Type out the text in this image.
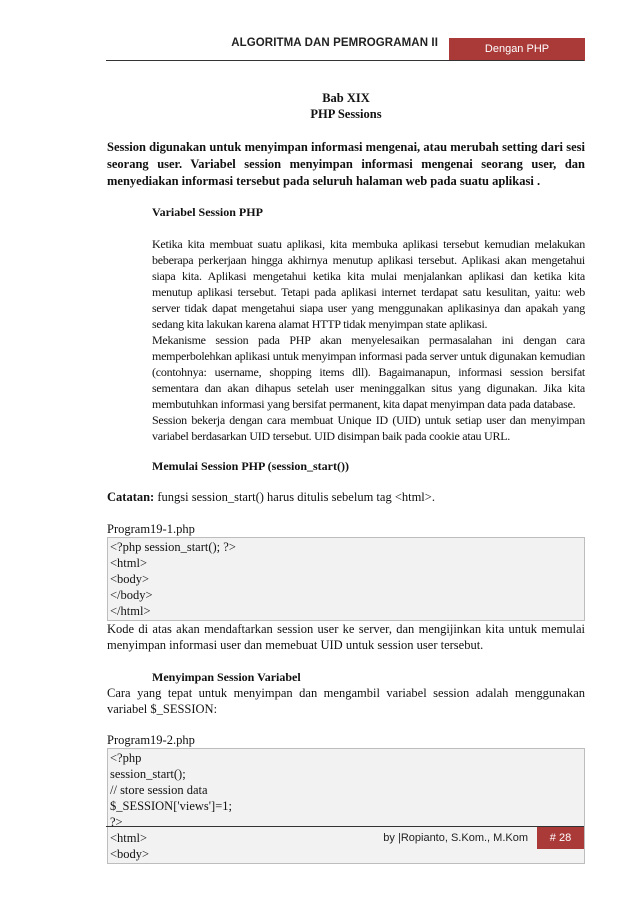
ALGORITMA DAN PEMROGRAMAN II	Dengan PHP
Bab XIX
PHP Sessions
Session digunakan untuk menyimpan informasi mengenai, atau merubah setting dari sesi seorang user. Variabel session menyimpan informasi mengenai seorang user, dan menyediakan informasi tersebut pada seluruh halaman web pada suatu aplikasi .
Variabel Session PHP
Ketika kita membuat suatu aplikasi, kita membuka aplikasi tersebut kemudian melakukan beberapa perkerjaan hingga akhirnya menutup aplikasi tersebut. Aplikasi akan mengetahui siapa kita. Aplikasi mengetahui ketika kita mulai menjalankan aplikasi dan ketika kita menutup aplikasi tersebut. Tetapi pada aplikasi internet terdapat satu kesulitan, yaitu: web server tidak dapat mengetahui siapa user yang menggunakan aplikasinya dan apakah yang sedang kita lakukan karena alamat HTTP tidak menyimpan state aplikasi.
Mekanisme session pada PHP akan menyelesaikan permasalahan ini dengan cara memperbolehkan aplikasi untuk menyimpan informasi pada server untuk digunakan kemudian (contohnya: username, shopping items dll). Bagaimanapun, informasi session bersifat sementara dan akan dihapus setelah user meninggalkan situs yang digunakan. Jika kita membutuhkan informasi yang bersifat permanent, kita dapat menyimpan data pada database.
Session bekerja dengan cara membuat Unique ID (UID) untuk setiap user dan menyimpan variabel berdasarkan UID tersebut. UID disimpan baik pada cookie atau URL.
Memulai Session PHP (session_start())
Catatan: fungsi session_start() harus ditulis sebelum tag <html>.
Program19-1.php
<?php session_start(); ?>
<html>
<body>
</body>
</html>
Kode di atas akan mendaftarkan session user ke server, dan mengijinkan kita untuk memulai menyimpan informasi user dan memebuat UID untuk session user tersebut.
Menyimpan Session Variabel
Cara yang tepat untuk menyimpan dan mengambil variabel session adalah menggunakan variabel $_SESSION:
Program19-2.php
<?php
session_start();
// store session data
$_SESSION['views']=1;
?>
<html>
<body>
by |Ropianto, S.Kom., M.Kom	# 28
